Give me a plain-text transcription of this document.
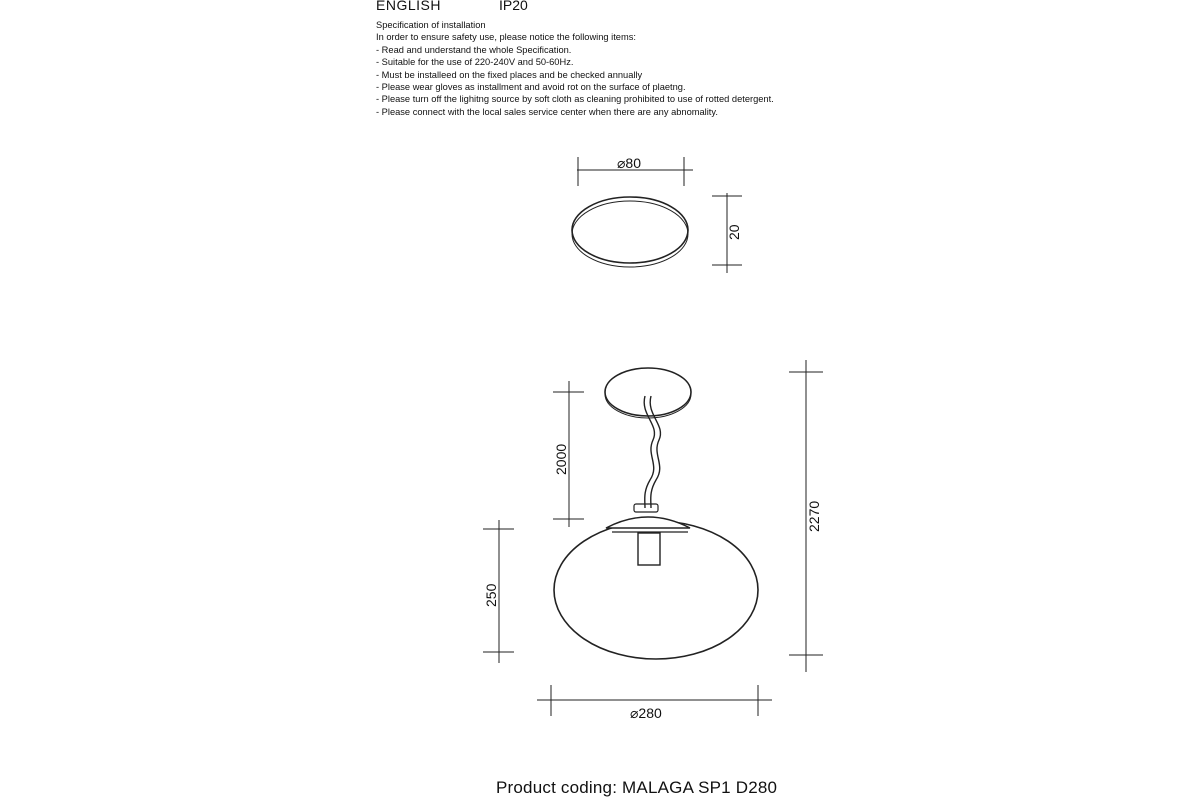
ENGLISH	IP20
Specification of installation
In order to ensure safety use, please notice the following items:
- Read and understand the whole Specification.
- Suitable for the use of 220-240V and 50-60Hz.
- Must be installeed on the fixed places and be checked annually
- Please wear gloves as installment and avoid rot on the surface of plaetng.
- Please turn off the lighitng source by soft cloth as cleaning prohibited to use of rotted detergent.
- Please connect with the local sales service center when there are any abnomality.
⌀80
20
2000
250
2270
⌀280
Product coding: MALAGA SP1 D280
